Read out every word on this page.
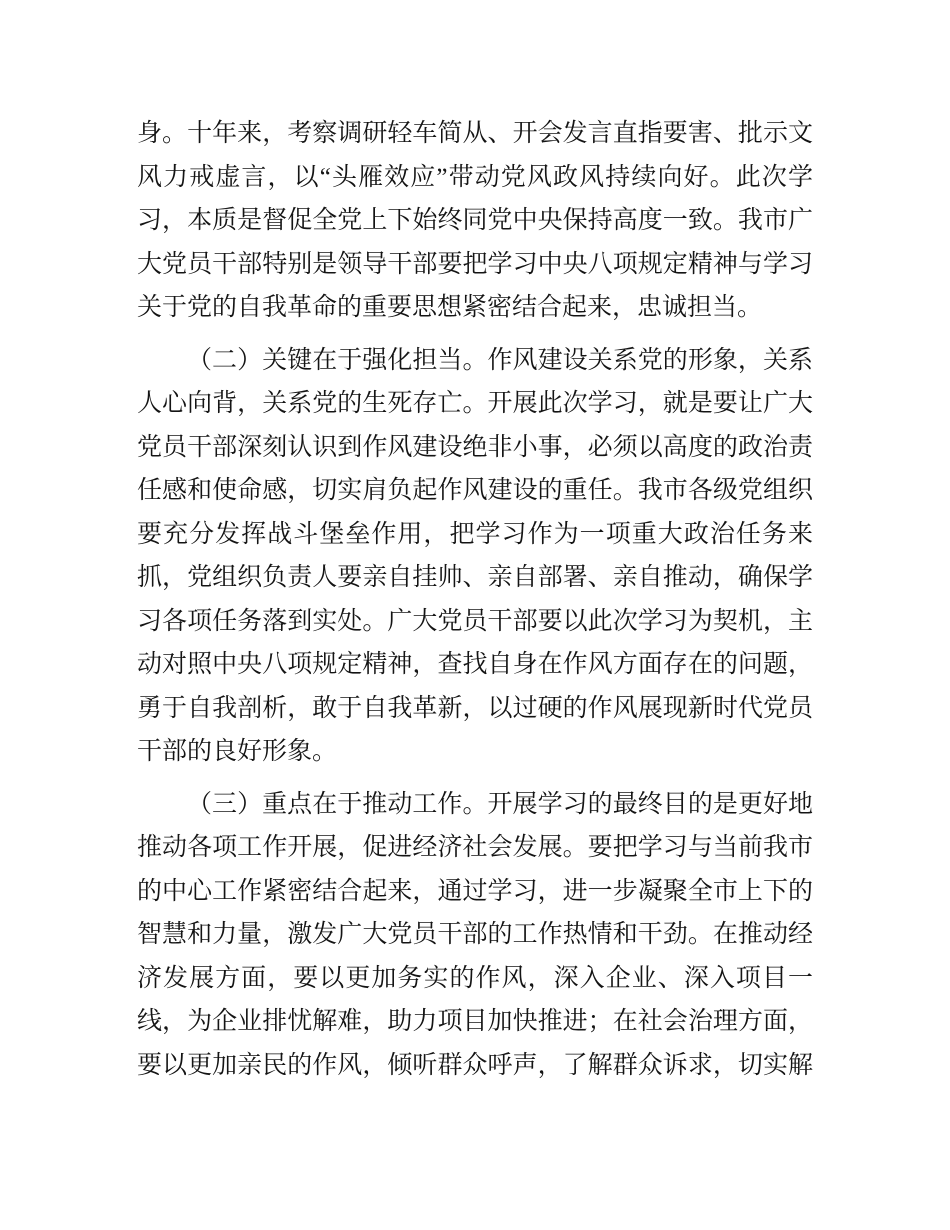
身。十年来，考察调研轻车简从、开会发言直指要害、批示文
风力戒虚言，以“头雁效应”带动党风政风持续向好。此次学
习，本质是督促全党上下始终同党中央保持高度一致。我市广
大党员干部特别是领导干部要把学习中央八项规定精神与学习
关于党的自我革命的重要思想紧密结合起来，忠诚担当。
（二）关键在于强化担当。作风建设关系党的形象，关系
人心向背，关系党的生死存亡。开展此次学习，就是要让广大
党员干部深刻认识到作风建设绝非小事，必须以高度的政治责
任感和使命感，切实肩负起作风建设的重任。我市各级党组织
要充分发挥战斗堡垒作用，把学习作为一项重大政治任务来
抓，党组织负责人要亲自挂帅、亲自部署、亲自推动，确保学
习各项任务落到实处。广大党员干部要以此次学习为契机，主
动对照中央八项规定精神，查找自身在作风方面存在的问题，
勇于自我剖析，敢于自我革新，以过硬的作风展现新时代党员
干部的良好形象。
（三）重点在于推动工作。开展学习的最终目的是更好地
推动各项工作开展，促进经济社会发展。要把学习与当前我市
的中心工作紧密结合起来，通过学习，进一步凝聚全市上下的
智慧和力量，激发广大党员干部的工作热情和干劲。在推动经
济发展方面，要以更加务实的作风，深入企业、深入项目一
线，为企业排忧解难，助力项目加快推进；在社会治理方面，
要以更加亲民的作风，倾听群众呼声，了解群众诉求，切实解
